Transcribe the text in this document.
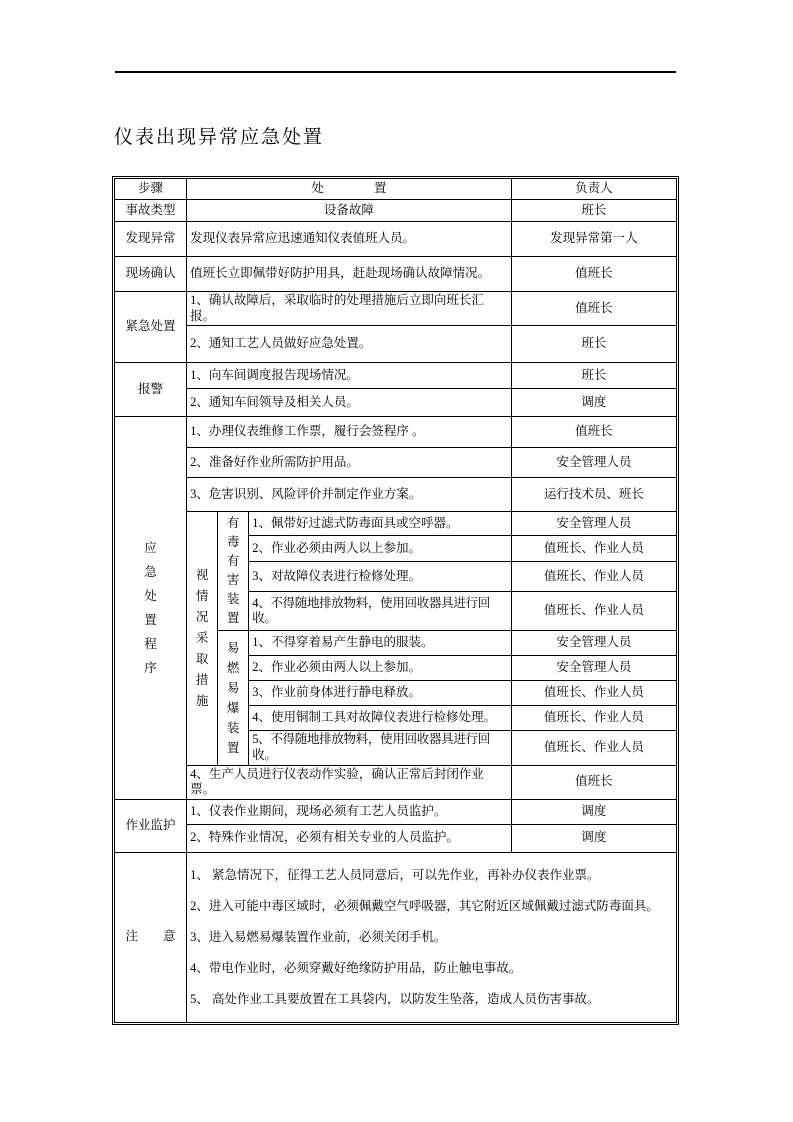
仪表出现异常应急处置
步骤	处　　　　置			负责人
事故类型	设备故障			班长
发现异常	发现仪表异常应迅速通知仪表值班人员。			发现异常第一人
现场确认	值班长立即佩带好防护用具，赶赴现场确认故障情况。			值班长
紧急处置	1、确认故障后，采取临时的处理措施后立即向班长汇报。			值班长
	2、通知工艺人员做好应急处置。			班长
报警	1、向车间调度报告现场情况。			班长
	2、通知车间领导及相关人员。			调度

应急处置程序	1、办理仪表维修工作票，履行会签程序 。			值班长
	2、准备好作业所需防护用品。			安全管理人员
	3、危害识别、风险评价并制定作业方案。			运行技术员、班长

	视情况采取措施	有毒有害装置	1、佩带好过滤式防毒面具或空呼器。	安全管理人员
			2、作业必须由两人以上参加。	值班长、作业人员
			3、对故障仪表进行检修处理。	值班长、作业人员
			4、不得随地排放物料，使用回收器具进行回收。	值班长、作业人员

		易燃易爆装置	1、不得穿着易产生静电的服装。	安全管理人员
			2、作业必须由两人以上参加。	安全管理人员
			3、作业前身体进行静电释放。	值班长、作业人员
			4、使用铜制工具对故障仪表进行检修处理。	值班长、作业人员
			5、不得随地排放物料，使用回收器具进行回收。	值班长、作业人员
	4、生产人员进行仪表动作实验，确认正常后封闭作业票。			值班长
作业监护	1、仪表作业期间，现场必须有工艺人员监护。			调度
	2、特殊作业情况，必须有相关专业的人员监护。			调度
注　　意	1、 紧急情况下，征得工艺人员同意后，可以先作业，再补办仪表作业票。

2、进入可能中毒区域时，必须佩戴空气呼吸器，其它附近区域佩戴过滤式防毒面具。

3、进入易燃易爆装置作业前，必须关闭手机。

4、带电作业时，必须穿戴好绝缘防护用品，防止触电事故。

5、 高处作业工具要放置在工具袋内，以防发生坠落，造成人员伤害事故。			
